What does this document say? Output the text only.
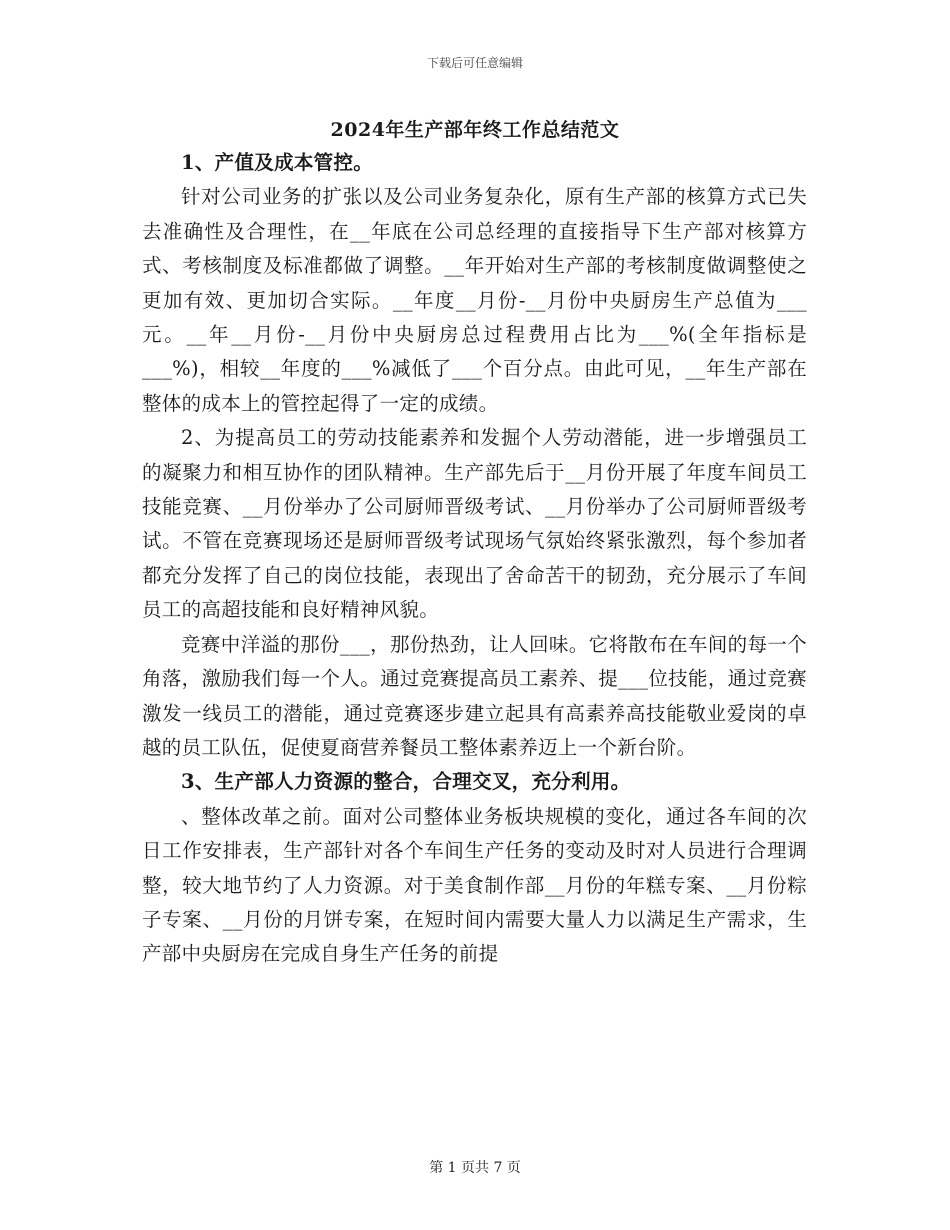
下载后可任意编辑
2024年生产部年终工作总结范文

1、产值及成本管控。

针对公司业务的扩张以及公司业务复杂化，原有生产部的核算方式已失去准确性及合理性，在__年底在公司总经理的直接指导下生产部对核算方式、考核制度及标准都做了调整。__年开始对生产部的考核制度做调整使之更加有效、更加切合实际。__年度__月份-__月份中央厨房生产总值为___元。__年__月份-__月份中央厨房总过程费用占比为___%(全年指标是___%)，相较__年度的___%减低了___个百分点。由此可见，__年生产部在整体的成本上的管控起得了一定的成绩。

2、为提高员工的劳动技能素养和发掘个人劳动潜能，进一步增强员工的凝聚力和相互协作的团队精神。生产部先后于__月份开展了年度车间员工技能竞赛、__月份举办了公司厨师晋级考试、__月份举办了公司厨师晋级考试。不管在竞赛现场还是厨师晋级考试现场气氛始终紧张激烈，每个参加者都充分发挥了自己的岗位技能，表现出了舍命苦干的韧劲，充分展示了车间员工的高超技能和良好精神风貌。

竞赛中洋溢的那份___，那份热劲，让人回味。它将散布在车间的每一个角落，激励我们每一个人。通过竞赛提高员工素养、提___位技能，通过竞赛激发一线员工的潜能，通过竞赛逐步建立起具有高素养高技能敬业爱岗的卓越的员工队伍，促使夏商营养餐员工整体素养迈上一个新台阶。

3、生产部人力资源的整合，合理交叉，充分利用。

、整体改革之前。面对公司整体业务板块规模的变化，通过各车间的次日工作安排表，生产部针对各个车间生产任务的变动及时对人员进行合理调整，较大地节约了人力资源。对于美食制作部__月份的年糕专案、__月份粽子专案、__月份的月饼专案，在短时间内需要大量人力以满足生产需求，生产部中央厨房在完成自身生产任务的前提

第 1 页共 7 页
